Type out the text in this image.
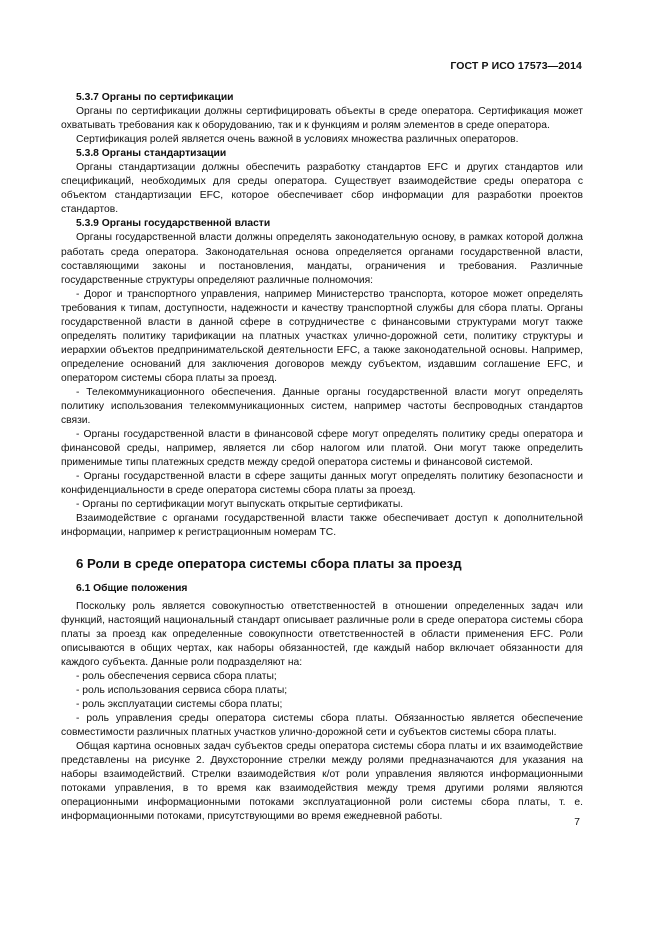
ГОСТ Р ИСО 17573—2014

5.3.7 Органы по сертификации

Органы по сертификации должны сертифицировать объекты в среде оператора. Сертификация может охватывать требования как к оборудованию, так и к функциям и ролям элементов в среде оператора.

Сертификация ролей является очень важной в условиях множества различных операторов.

5.3.8 Органы стандартизации

Органы стандартизации должны обеспечить разработку стандартов EFC и других стандартов или спецификаций, необходимых для среды оператора. Существует взаимодействие среды оператора с объектом стандартизации EFC, которое обеспечивает сбор информации для разработки проектов стандартов.

5.3.9 Органы государственной власти

Органы государственной власти должны определять законодательную основу, в рамках которой должна работать среда оператора. Законодательная основа определяется органами государственной власти, составляющими законы и постановления, мандаты, ограничения и требования. Различные государственные структуры определяют различные полномочия:

- Дорог и транспортного управления, например Министерство транспорта, которое может определять требования к типам, доступности, надежности и качеству транспортной службы для сбора платы. Органы государственной власти в данной сфере в сотрудничестве с финансовыми структурами могут также определять политику тарификации на платных участках улично-дорожной сети, политику структуры и иерархии объектов предпринимательской деятельности EFC, а также законодательной основы. Например, определение оснований для заключения договоров между субъектом, издавшим соглашение EFC, и оператором системы сбора платы за проезд.

- Телекоммуникационного обеспечения. Данные органы государственной власти могут определять политику использования телекоммуникационных систем, например частоты беспроводных стандартов связи.

- Органы государственной власти в финансовой сфере могут определять политику среды оператора и финансовой среды, например, является ли сбор налогом или платой. Они могут также определить применимые типы платежных средств между средой оператора системы и финансовой системой.

- Органы государственной власти в сфере защиты данных могут определять политику безопасности и конфиденциальности в среде оператора системы сбора платы за проезд.

- Органы по сертификации могут выпускать открытые сертификаты.

Взаимодействие с органами государственной власти также обеспечивает доступ к дополнительной информации, например к регистрационным номерам ТС.

6 Роли в среде оператора системы сбора платы за проезд

6.1 Общие положения

Поскольку роль является совокупностью ответственностей в отношении определенных задач или функций, настоящий национальный стандарт описывает различные роли в среде оператора системы сбора платы за проезд как определенные совокупности ответственностей в области применения EFC. Роли описываются в общих чертах, как наборы обязанностей, где каждый набор включает обязанности для каждого субъекта. Данные роли подразделяют на:

- роль обеспечения сервиса сбора платы;

- роль использования сервиса сбора платы;

- роль эксплуатации системы сбора платы;

- роль управления среды оператора системы сбора платы. Обязанностью является обеспечение совместимости различных платных участков улично-дорожной сети и субъектов системы сбора платы.

Общая картина основных задач субъектов среды оператора системы сбора платы и их взаимодействие представлены на рисунке 2. Двухсторонние стрелки между ролями предназначаются для указания на наборы взаимодействий. Стрелки взаимодействия к/от роли управления являются информационными потоками управления, в то время как взаимодействия между тремя другими ролями являются операционными информационными потоками эксплуатационной роли системы сбора платы, т. е. информационными потоками, присутствующими во время ежедневной работы.

7
